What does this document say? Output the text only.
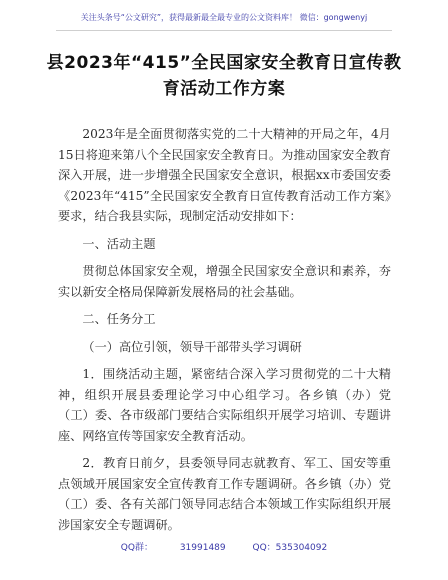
关注头条号“公文研究”，获得最新最全最专业的公文资料库！ 微信：gongwenyj
县2023年“415”全民国家安全教育日宣传教育活动工作方案

2023年是全面贯彻落实党的二十大精神的开局之年，4月15日将迎来第八个全民国家安全教育日。为推动国家安全教育深入开展，进一步增强全民国家安全意识，根据xx市委国安委《2023年“415”全民国家安全教育日宣传教育活动工作方案》要求，结合我县实际，现制定活动安排如下：

一、活动主题

贯彻总体国家安全观，增强全民国家安全意识和素养，夯实以新安全格局保障新发展格局的社会基础。

二、任务分工

（一）高位引领，领导干部带头学习调研

1．围绕活动主题，紧密结合深入学习贯彻党的二十大精神，组织开展县委理论学习中心组学习。各乡镇（办）党（工）委、各市级部门要结合实际组织开展学习培训、专题讲座、网络宣传等国家安全教育活动。

2．教育日前夕，县委领导同志就教育、军工、国安等重点领域开展国家安全宣传教育工作专题调研。各乡镇（办）党（工）委、各有关部门领导同志结合本领域工作实际组织开展涉国家安全专题调研。

QQ群： 31991489 QQ：535304092
